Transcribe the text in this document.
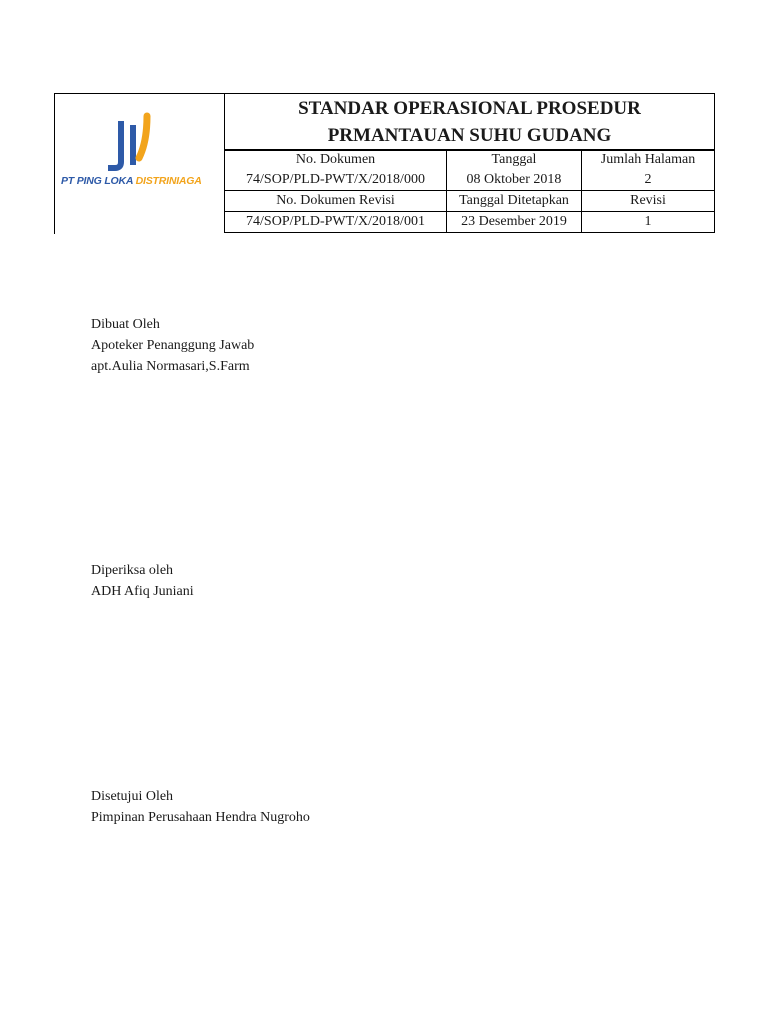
PT PING LOKA DISTRINIAGA
STANDAR OPERASIONAL PROSEDUR
PRMANTAUAN SUHU GUDANG
No. Dokumen	Tanggal	Jumlah Halaman
74/SOP/PLD-PWT/X/2018/000	08 Oktober 2018	2
No. Dokumen Revisi	Tanggal Ditetapkan	Revisi
74/SOP/PLD-PWT/X/2018/001	23 Desember 2019	1
Dibuat Oleh
Apoteker Penanggung Jawab
apt.Aulia Normasari,S.Farm
Diperiksa oleh
ADH Afiq Juniani
Disetujui Oleh
Pimpinan Perusahaan Hendra Nugroho
